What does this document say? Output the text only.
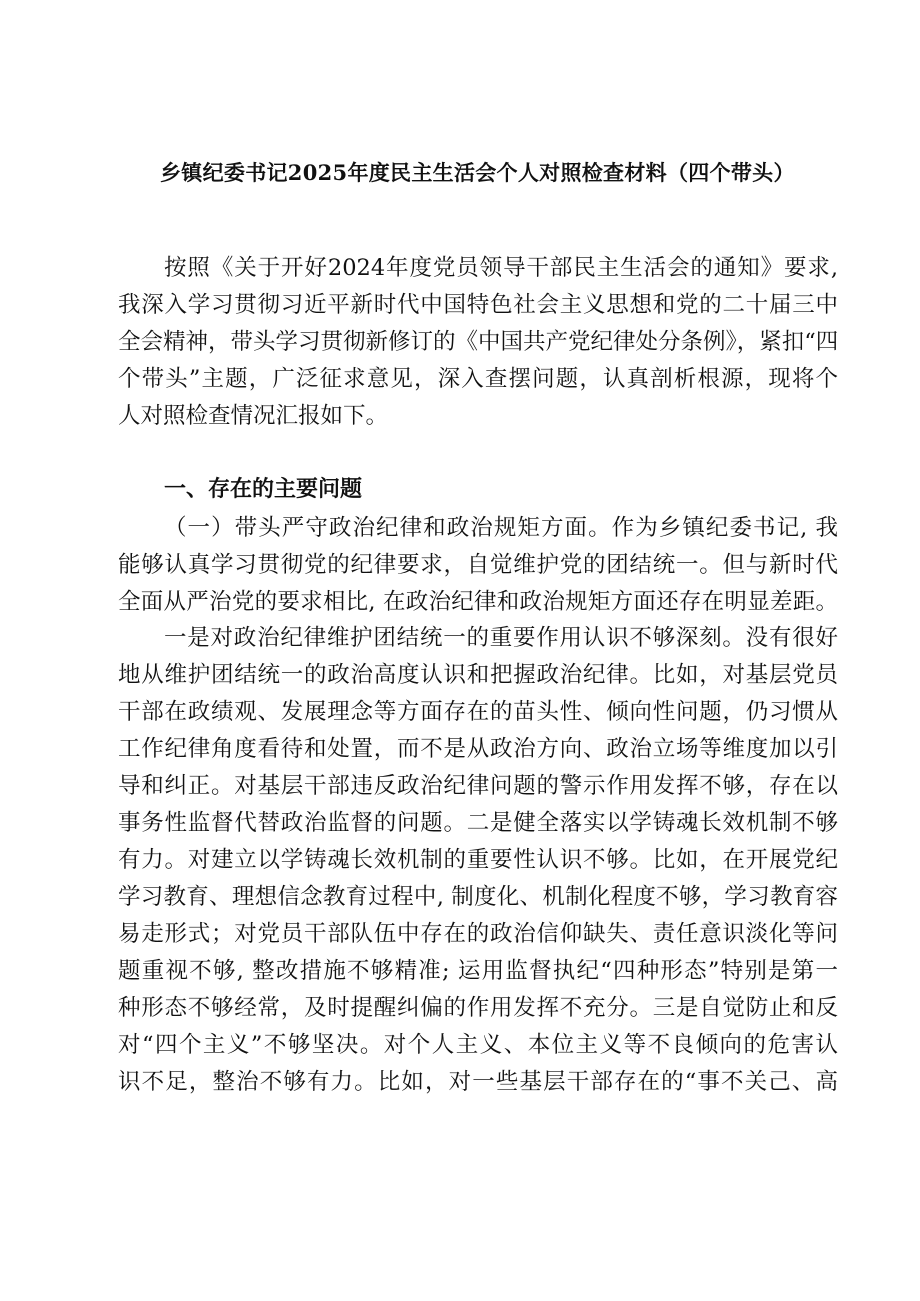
乡镇纪委书记2025年度民主生活会个人对照检查材料（四个带头）
按照《关于开好2024年度党员领导干部民主生活会的通知》要求,
我深入学习贯彻习近平新时代中国特色社会主义思想和党的二十届三中
全会精神，带头学习贯彻新修订的《中国共产党纪律处分条例》，紧扣“四
个带头”主题，广泛征求意见，深入查摆问题，认真剖析根源，现将个
人对照检查情况汇报如下。
一、存在的主要问题
（一）带头严守政治纪律和政治规矩方面。作为乡镇纪委书记, 我
能够认真学习贯彻党的纪律要求，自觉维护党的团结统一。但与新时代
全面从严治党的要求相比, 在政治纪律和政治规矩方面还存在明显差距。
一是对政治纪律维护团结统一的重要作用认识不够深刻。没有很好
地从维护团结统一的政治高度认识和把握政治纪律。比如，对基层党员
干部在政绩观、发展理念等方面存在的苗头性、倾向性问题，仍习惯从
工作纪律角度看待和处置，而不是从政治方向、政治立场等维度加以引
导和纠正。对基层干部违反政治纪律问题的警示作用发挥不够，存在以
事务性监督代替政治监督的问题。二是健全落实以学铸魂长效机制不够
有力。对建立以学铸魂长效机制的重要性认识不够。比如，在开展党纪
学习教育、理想信念教育过程中, 制度化、机制化程度不够，学习教育容
易走形式；对党员干部队伍中存在的政治信仰缺失、责任意识淡化等问
题重视不够, 整改措施不够精准; 运用监督执纪“四种形态”特别是第一
种形态不够经常，及时提醒纠偏的作用发挥不充分。三是自觉防止和反
对“四个主义”不够坚决。对个人主义、本位主义等不良倾向的危害认
识不足，整治不够有力。比如，对一些基层干部存在的“事不关己、高
